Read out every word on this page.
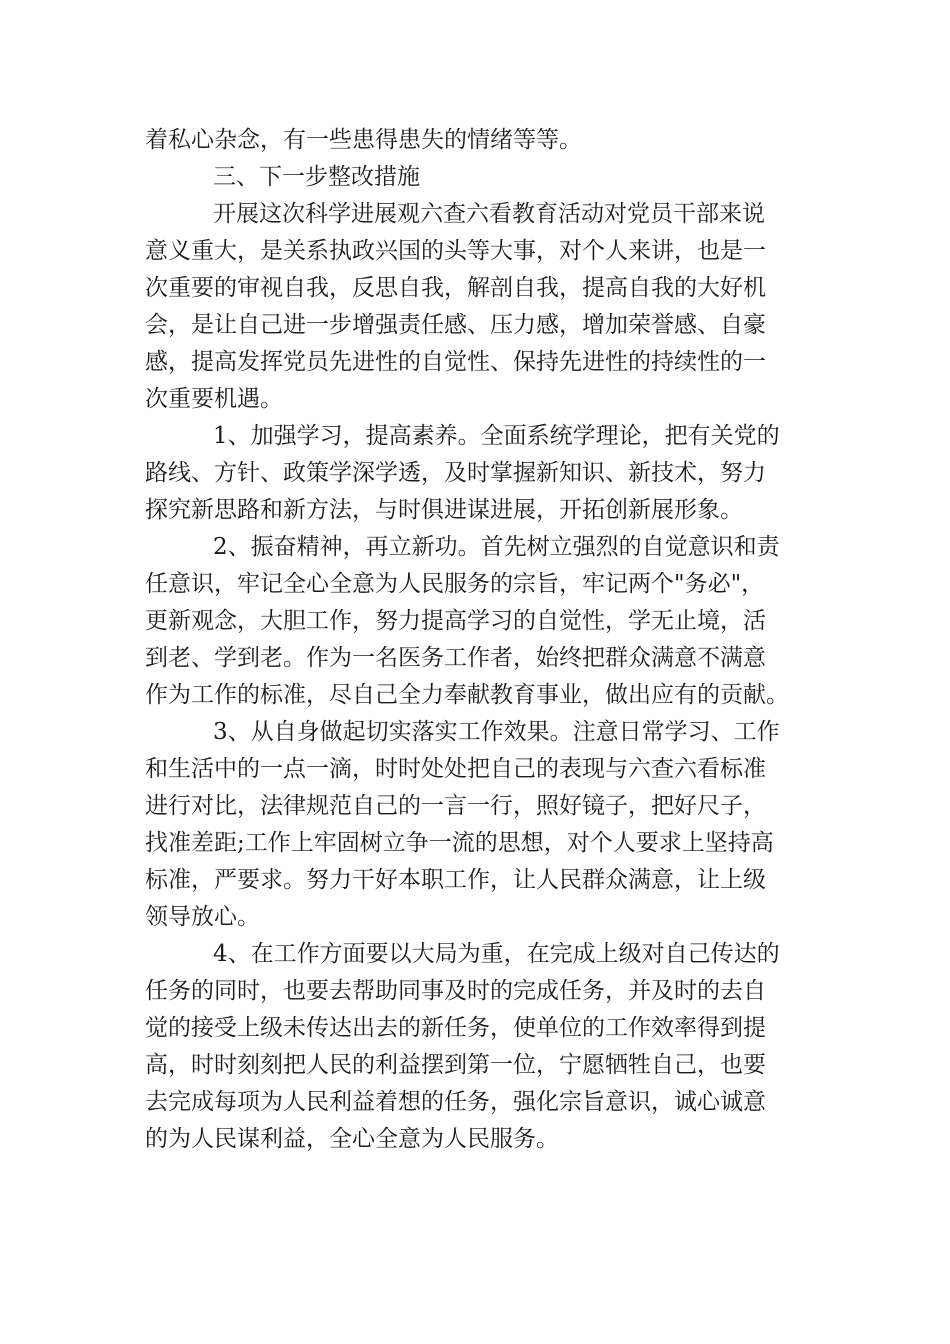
着私心杂念，有一些患得患失的情绪等等。
三、下一步整改措施
开展这次科学进展观六查六看教育活动对党员干部来说
意义重大，是关系执政兴国的头等大事，对个人来讲，也是一
次重要的审视自我，反思自我，解剖自我，提高自我的大好机
会，是让自己进一步增强责任感、压力感，增加荣誉感、自豪
感，提高发挥党员先进性的自觉性、保持先进性的持续性的一
次重要机遇。
1、加强学习，提高素养。全面系统学理论，把有关党的
路线、方针、政策学深学透，及时掌握新知识、新技术，努力
探究新思路和新方法，与时俱进谋进展，开拓创新展形象。
2、振奋精神，再立新功。首先树立强烈的自觉意识和责
任意识，牢记全心全意为人民服务的宗旨，牢记两个"务必"，
更新观念，大胆工作，努力提高学习的自觉性，学无止境，活
到老、学到老。作为一名医务工作者，始终把群众满意不满意
作为工作的标准，尽自己全力奉献教育事业，做出应有的贡献。
3、从自身做起切实落实工作效果。注意日常学习、工作
和生活中的一点一滴，时时处处把自己的表现与六查六看标准
进行对比，法律规范自己的一言一行，照好镜子，把好尺子，
找准差距;工作上牢固树立争一流的思想，对个人要求上坚持高
标准，严要求。努力干好本职工作，让人民群众满意，让上级
领导放心。
4、在工作方面要以大局为重，在完成上级对自己传达的
任务的同时，也要去帮助同事及时的完成任务，并及时的去自
觉的接受上级未传达出去的新任务，使单位的工作效率得到提
高，时时刻刻把人民的利益摆到第一位，宁愿牺牲自己，也要
去完成每项为人民利益着想的任务，强化宗旨意识，诚心诚意
的为人民谋利益，全心全意为人民服务。
